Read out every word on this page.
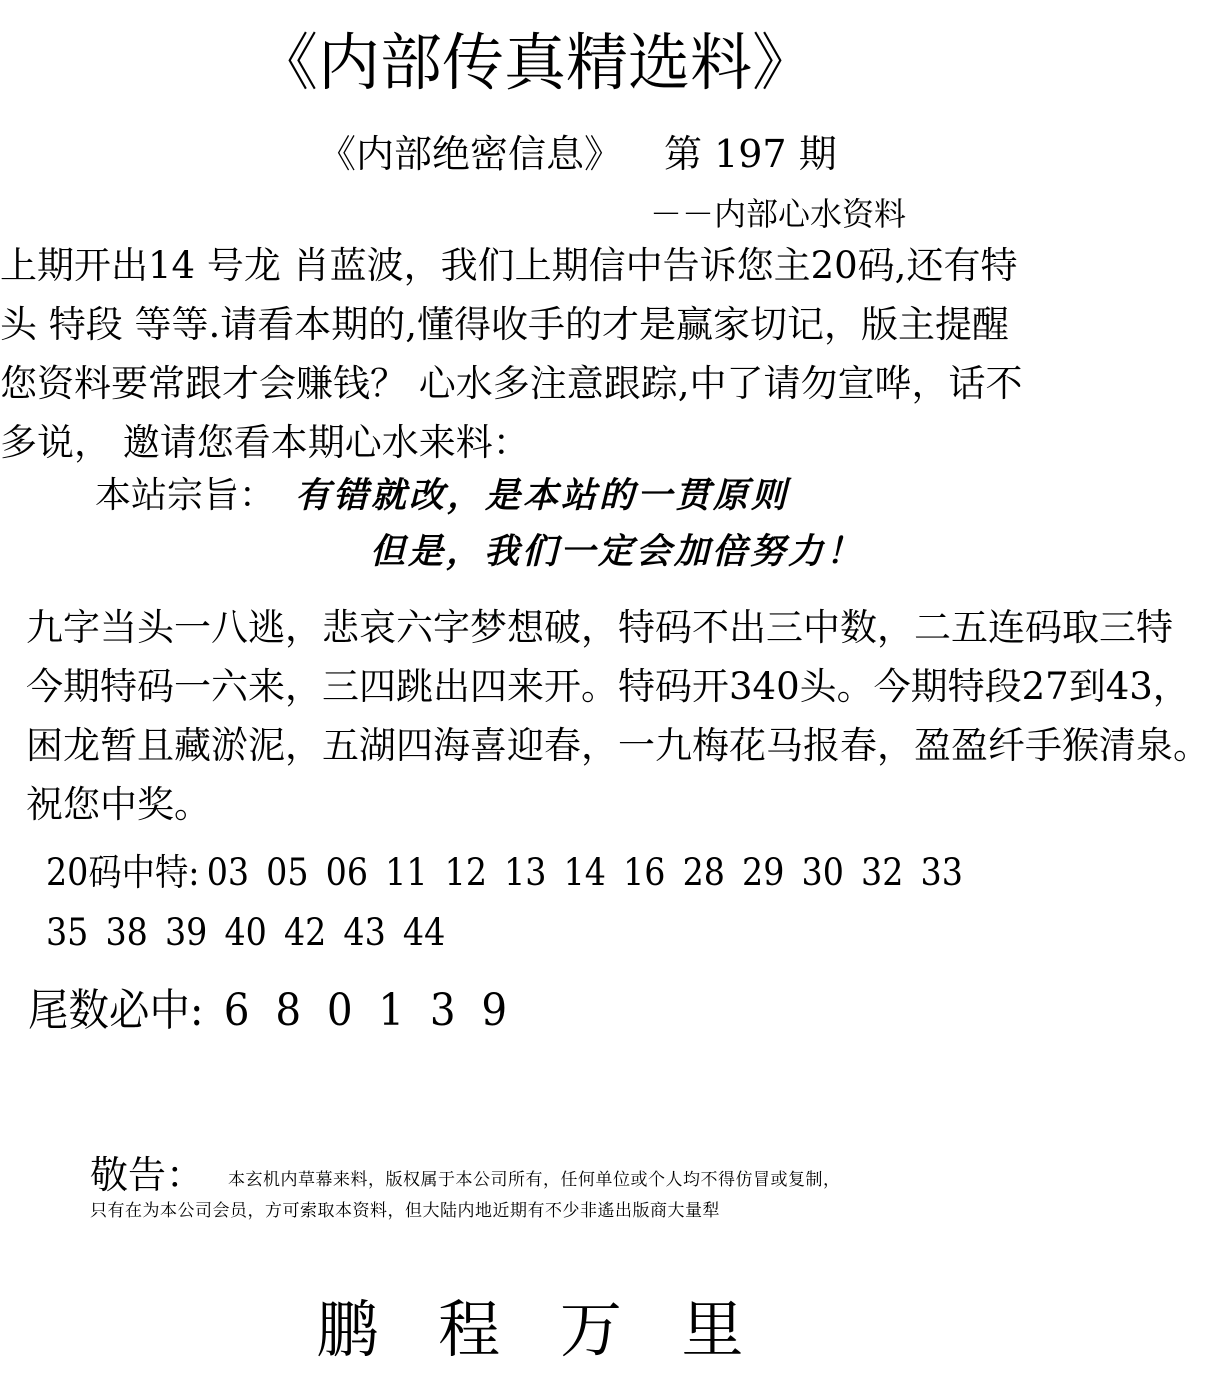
《内部传真精选料》
《内部绝密信息》 第 197 期
－－内部心水资料
上期开出14 号龙 肖蓝波，我们上期信中告诉您主20码,还有特
头 特段 等等.请看本期的,懂得收手的才是赢家切记，版主提醒
您资料要常跟才会赚钱？ 心水多注意跟踪,中了请勿宣哗，话不
多说， 邀请您看本期心水来料：
本站宗旨： 有错就改，是本站的一贯原则
但是，我们一定会加倍努力！
九字当头一八逃，悲哀六字梦想破，特码不出三中数，二五连码取三特
今期特码一六来，三四跳出四来开。特码开340头。今期特段27到43，
困龙暂且藏淤泥，五湖四海喜迎春，一九梅花马报春，盈盈纤手猴清泉。
祝您中奖。
20码中特: 03 05 06 11 12 13 14 16 28 29 30 32 33
35 38 39 40 42 43 44
尾数必中: 6 8 0 1 3 9
敬告： 本玄机内草幕来料，版权属于本公司所有，任何单位或个人均不得仿冒或复制，
只有在为本公司会员，方可索取本资料，但大陆内地近期有不少非遙出版商大量犁
鹏 程 万 里
